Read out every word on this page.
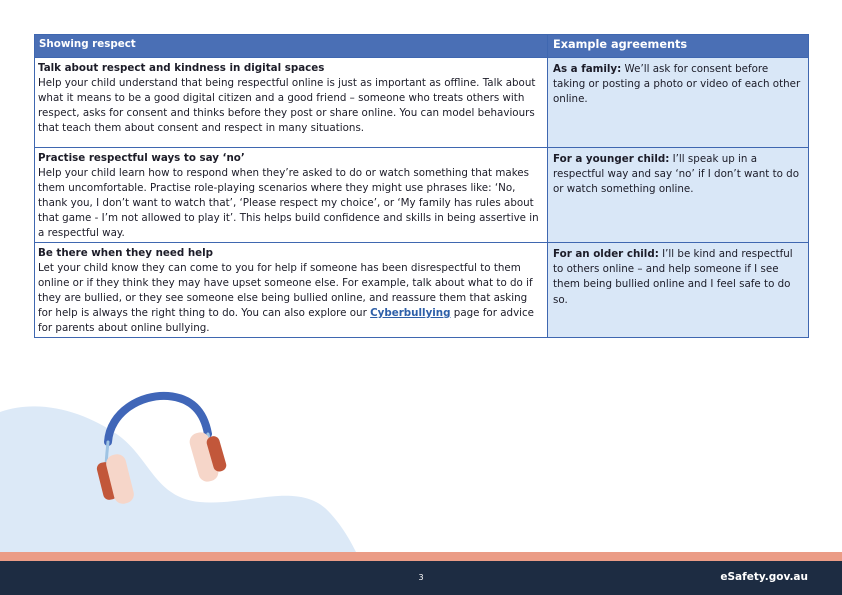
Showing respect	Example agreements

Talk about respect and kindness in digital spaces
Help your child understand that being respectful online is just as important as offline. Talk about what it means to be a good digital citizen and a good friend – someone who treats others with respect, asks for consent and thinks before they post or share online. You can model behaviours that teach them about consent and respect in many situations.	As a family: We’ll ask for consent before taking or posting a photo or video of each other online.

Practise respectful ways to say ‘no’
Help your child learn how to respond when they’re asked to do or watch something that makes them uncomfortable. Practise role-playing scenarios where they might use phrases like: ‘No, thank you, I don’t want to watch that’, ‘Please respect my choice’, or ‘My family has rules about that game - I’m not allowed to play it’. This helps build confidence and skills in being assertive in a respectful way.	For a younger child: I’ll speak up in a respectful way and say ‘no’ if I don’t want to do or watch something online.

Be there when they need help
Let your child know they can come to you for help if someone has been disrespectful to them online or if they think they may have upset someone else. For example, talk about what to do if they are bullied, or they see someone else being bullied online, and reassure them that asking for help is always the right thing to do. You can also explore our Cyberbullying page for advice for parents about online bullying.	For an older child: I’ll be kind and respectful to others online – and help someone if I see them being bullied online and I feel safe to do so.
3	eSafety.gov.au
